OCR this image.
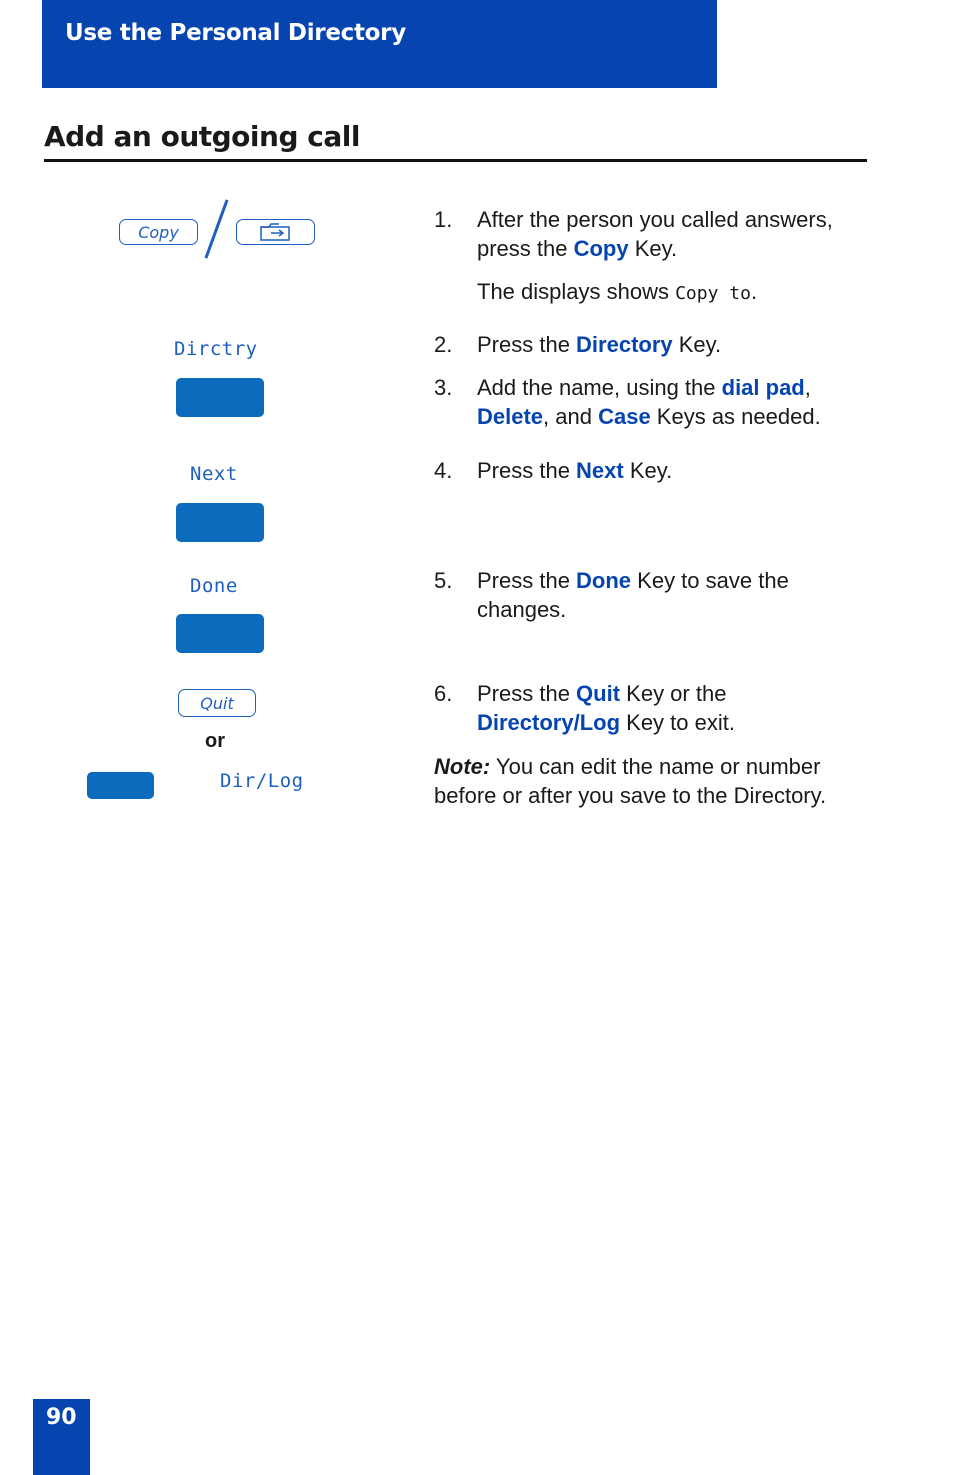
Use the Personal Directory
Add an outgoing call
Copy
Dirctry
Next
Done
Quit
or
Dir/Log
1. After the person you called answers, press the Copy Key.
The displays shows Copy to.
2. Press the Directory Key.
3. Add the name, using the dial pad, Delete, and Case Keys as needed.
4. Press the Next Key.
5. Press the Done Key to save the changes.
6. Press the Quit Key or the Directory/Log Key to exit.
Note: You can edit the name or number before or after you save to the Directory.
90
